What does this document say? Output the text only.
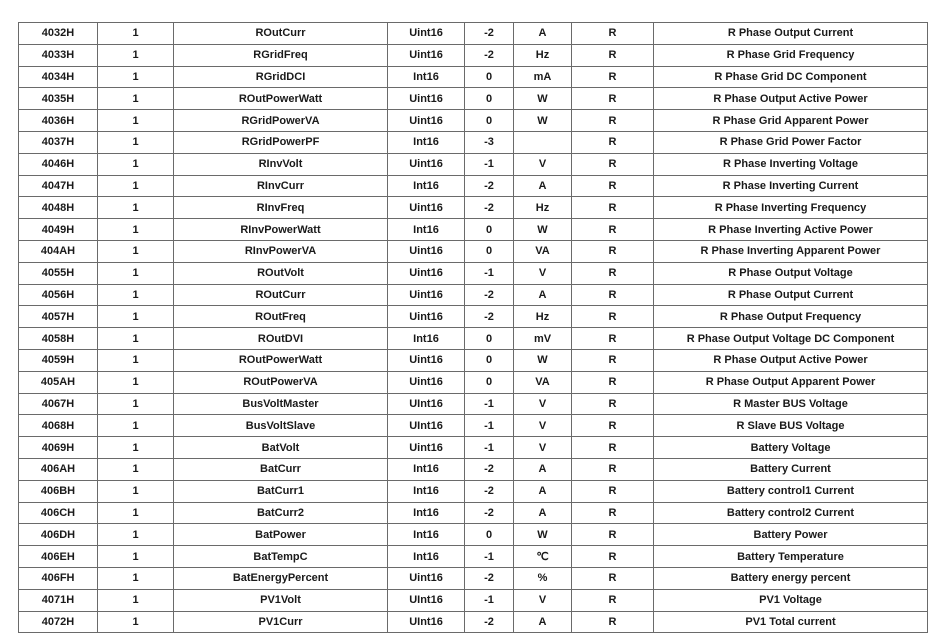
4032H	1	ROutCurr	Uint16	-2	A	R	R Phase Output Current
4033H	1	RGridFreq	Uint16	-2	Hz	R	R Phase Grid Frequency
4034H	1	RGridDCI	Int16	0	mA	R	R Phase Grid DC Component
4035H	1	ROutPowerWatt	Uint16	0	W	R	R Phase Output Active Power
4036H	1	RGridPowerVA	Uint16	0	W	R	R Phase Grid Apparent Power
4037H	1	RGridPowerPF	Int16	-3		R	R Phase Grid Power Factor
4046H	1	RInvVolt	Uint16	-1	V	R	R Phase Inverting Voltage
4047H	1	RInvCurr	Int16	-2	A	R	R Phase Inverting Current
4048H	1	RInvFreq	Uint16	-2	Hz	R	R Phase Inverting Frequency
4049H	1	RInvPowerWatt	Int16	0	W	R	R Phase Inverting Active Power
404AH	1	RInvPowerVA	Uint16	0	VA	R	R Phase Inverting Apparent Power
4055H	1	ROutVolt	Uint16	-1	V	R	R Phase Output Voltage
4056H	1	ROutCurr	Uint16	-2	A	R	R Phase Output Current
4057H	1	ROutFreq	Uint16	-2	Hz	R	R Phase Output Frequency
4058H	1	ROutDVI	Int16	0	mV	R	R Phase Output Voltage DC Component
4059H	1	ROutPowerWatt	Uint16	0	W	R	R Phase Output Active Power
405AH	1	ROutPowerVA	Uint16	0	VA	R	R Phase Output Apparent Power
4067H	1	BusVoltMaster	UInt16	-1	V	R	R Master BUS Voltage
4068H	1	BusVoltSlave	UInt16	-1	V	R	R Slave BUS Voltage
4069H	1	BatVolt	Uint16	-1	V	R	Battery Voltage
406AH	1	BatCurr	Int16	-2	A	R	Battery Current
406BH	1	BatCurr1	Int16	-2	A	R	Battery control1 Current
406CH	1	BatCurr2	Int16	-2	A	R	Battery control2 Current
406DH	1	BatPower	Int16	0	W	R	Battery Power
406EH	1	BatTempC	Int16	-1	℃	R	Battery Temperature
406FH	1	BatEnergyPercent	Uint16	-2	%	R	Battery energy percent
4071H	1	PV1Volt	UInt16	-1	V	R	PV1 Voltage
4072H	1	PV1Curr	UInt16	-2	A	R	PV1 Total current
